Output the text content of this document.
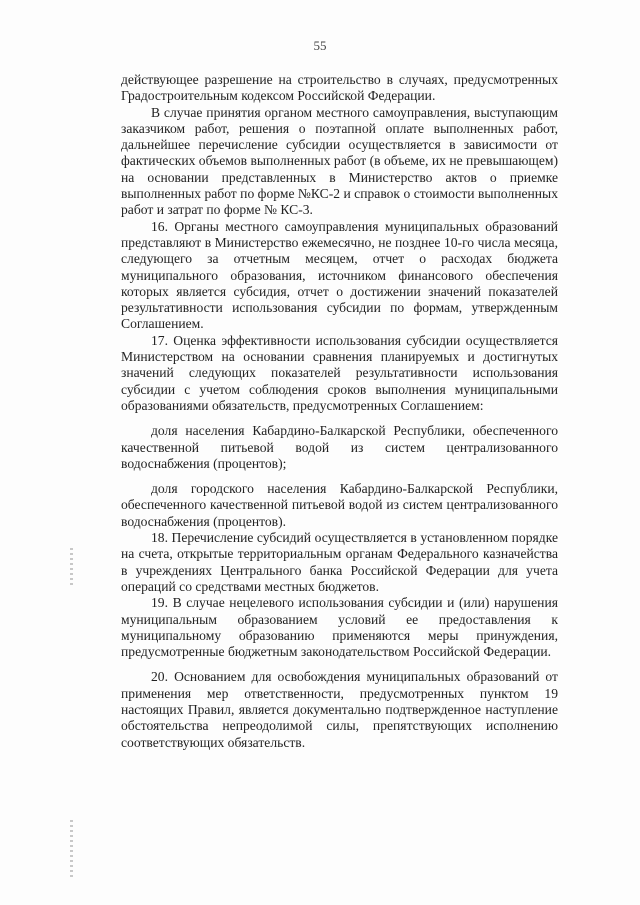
55

действующее разрешение на строительство в случаях, предусмотренных Градостроительным кодексом Российской Федерации.

В случае принятия органом местного самоуправления, выступающим заказчиком работ, решения о поэтапной оплате выполненных работ, дальнейшее перечисление субсидии осуществляется в зависимости от фактических объемов выполненных работ (в объеме, их не превышающем) на основании представленных в Министерство актов о приемке выполненных работ по форме №КС-2 и справок о стоимости выполненных работ и затрат по форме № КС-3.

16. Органы местного самоуправления муниципальных образований представляют в Министерство ежемесячно, не позднее 10-го числа месяца, следующего за отчетным месяцем, отчет о расходах бюджета муниципального образования, источником финансового обеспечения которых является субсидия, отчет о достижении значений показателей результативности использования субсидии по формам, утвержденным Соглашением.

17. Оценка эффективности использования субсидии осуществляется Министерством на основании сравнения планируемых и достигнутых значений следующих показателей результативности использования субсидии с учетом соблюдения сроков выполнения муниципальными образованиями обязательств, предусмотренных Соглашением:

доля населения Кабардино-Балкарской Республики, обеспеченного качественной питьевой водой из систем централизованного водоснабжения (процентов);

доля городского населения Кабардино-Балкарской Республики, обеспеченного качественной питьевой водой из систем централизованного водоснабжения (процентов).

18. Перечисление субсидий осуществляется в установленном порядке на счета, открытые территориальным органам Федерального казначейства в учреждениях Центрального банка Российской Федерации для учета операций со средствами местных бюджетов.

19. В случае нецелевого использования субсидии и (или) нарушения муниципальным образованием условий ее предоставления к муниципальному образованию применяются меры принуждения, предусмотренные бюджетным законодательством Российской Федерации.

20. Основанием для освобождения муниципальных образований от применения мер ответственности, предусмотренных пунктом 19 настоящих Правил, является документально подтвержденное наступление обстоятельства непреодолимой силы, препятствующих исполнению соответствующих обязательств.
